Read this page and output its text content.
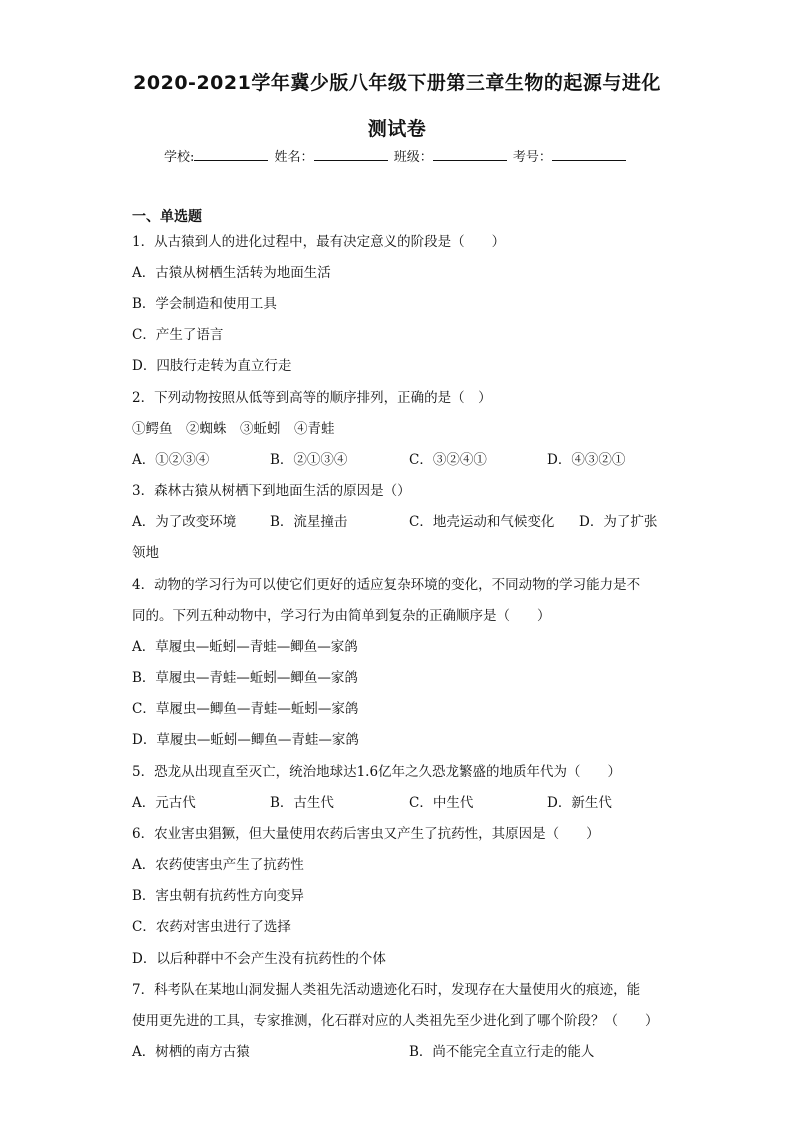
2020-2021学年冀少版八年级下册第三章生物的起源与进化
测试卷
学校:	姓名：	班级：	考号：
一、单选题
1．从古猿到人的进化过程中，最有决定意义的阶段是（　　）
A．古猿从树栖生活转为地面生活
B．学会制造和使用工具
C．产生了语言
D．四肢行走转为直立行走
2．下列动物按照从低等到高等的顺序排列，正确的是（　）
①鳄鱼　②蜘蛛　③蚯蚓　④青蛙
A．①②③④	B．②①③④	C．③②④①	D．④③②①
3．森林古猿从树栖下到地面生活的原因是（）
A．为了改变环境	B．流星撞击	C．地壳运动和气候变化 D．为了扩张
领地
4．动物的学习行为可以使它们更好的适应复杂环境的变化，不同动物的学习能力是不
同的。下列五种动物中，学习行为由简单到复杂的正确顺序是（　　）
A．草履虫—蚯蚓—青蛙—鲫鱼—家鸽
B．草履虫—青蛙—蚯蚓—鲫鱼—家鸽
C．草履虫—鲫鱼—青蛙—蚯蚓—家鸽
D．草履虫—蚯蚓—鲫鱼—青蛙—家鸽
5．恐龙从出现直至灭亡，统治地球达1.6亿年之久恐龙繁盛的地质年代为（　　）
A．元古代	B．古生代	C．中生代	D．新生代
6．农业害虫猖獗，但大量使用农药后害虫又产生了抗药性，其原因是（　　）
A．农药使害虫产生了抗药性
B．害虫朝有抗药性方向变异
C．农药对害虫进行了选择
D．以后种群中不会产生没有抗药性的个体
7．科考队在某地山洞发掘人类祖先活动遗迹化石时，发现存在大量使用火的痕迹，能
使用更先进的工具，专家推测，化石群对应的人类祖先至少进化到了哪个阶段？（　　）
A．树栖的南方古猿	B．尚不能完全直立行走的能人
